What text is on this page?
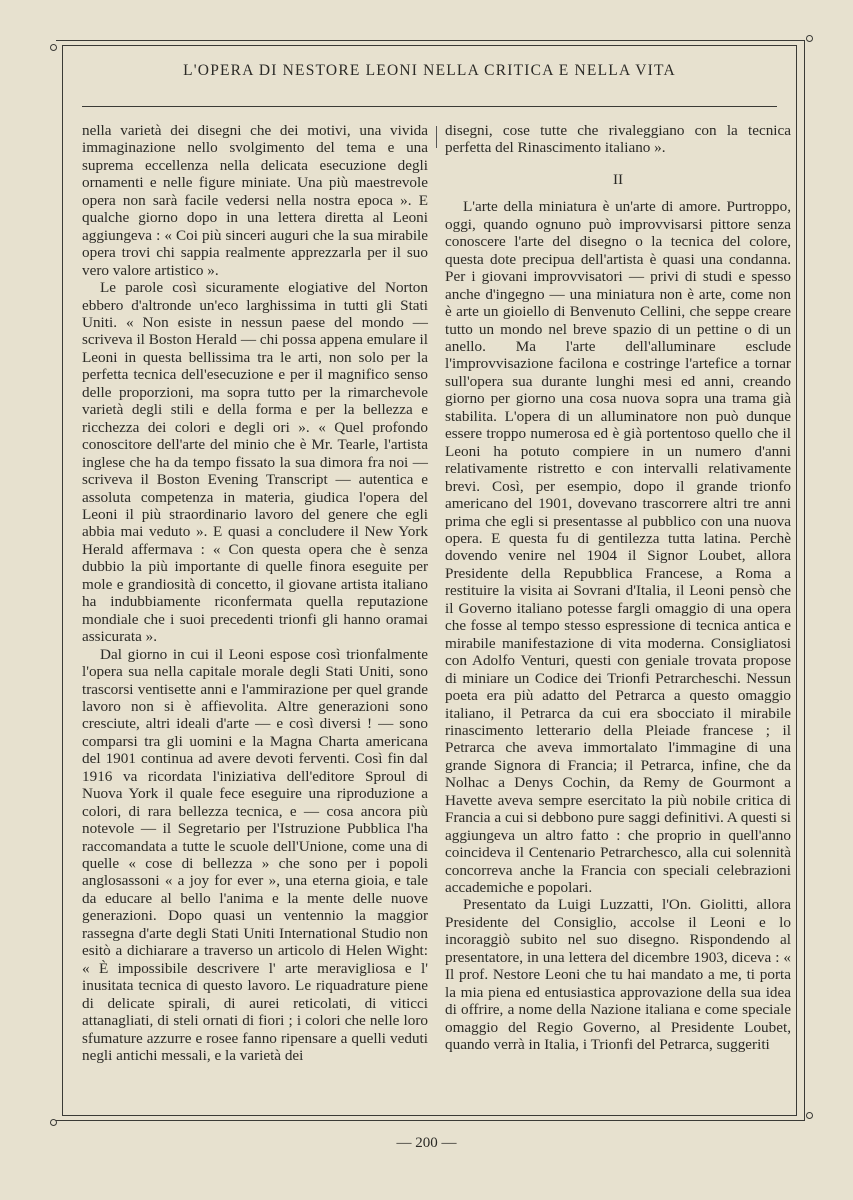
L'OPERA DI NESTORE LEONI NELLA CRITICA E NELLA VITA

nella varietà dei disegni che dei motivi, una vivida immaginazione nello svolgimento del tema e una suprema eccellenza nella delicata esecuzione degli ornamenti e nelle figure miniate. Una più maestrevole opera non sarà facile vedersi nella nostra epoca ». E qualche giorno dopo in una lettera diretta al Leoni aggiungeva : « Coi più sinceri auguri che la sua mirabile opera trovi chi sappia realmente apprezzarla per il suo vero valore artistico ».

Le parole così sicuramente elogiative del Norton ebbero d'altronde un'eco larghissima in tutti gli Stati Uniti. « Non esiste in nessun paese del mondo — scriveva il Boston Herald — chi possa appena emulare il Leoni in questa bellissima tra le arti, non solo per la perfetta tecnica dell'esecuzione e per il magnifico senso delle proporzioni, ma sopra tutto per la rimarchevole varietà degli stili e della forma e per la bellezza e ricchezza dei colori e degli ori ». « Quel profondo conoscitore dell'arte del minio che è Mr. Tearle, l'artista inglese che ha da tempo fissato la sua dimora fra noi — scriveva il Boston Evening Transcript — autentica e assoluta competenza in materia, giudica l'opera del Leoni il più straordinario lavoro del genere che egli abbia mai veduto ». E quasi a concludere il New York Herald affermava : « Con questa opera che è senza dubbio la più importante di quelle finora eseguite per mole e grandiosità di concetto, il giovane artista italiano ha indubbiamente riconfermata quella reputazione mondiale che i suoi precedenti trionfi gli hanno oramai assicurata ».

Dal giorno in cui il Leoni espose così trionfalmente l'opera sua nella capitale morale degli Stati Uniti, sono trascorsi ventisette anni e l'ammirazione per quel grande lavoro non si è affievolita. Altre generazioni sono cresciute, altri ideali d'arte — e così diversi ! — sono comparsi tra gli uomini e la Magna Charta americana del 1901 continua ad avere devoti ferventi. Così fin dal 1916 va ricordata l'iniziativa dell'editore Sproul di Nuova York il quale fece eseguire una riproduzione a colori, di rara bellezza tecnica, e — cosa ancora più notevole — il Segretario per l'Istruzione Pubblica l'ha raccomandata a tutte le scuole dell'Unione, come una di quelle « cose di bellezza » che sono per i popoli anglosassoni « a joy for ever », una eterna gioia, e tale da educare al bello l'anima e la mente delle nuove generazioni. Dopo quasi un ventennio la maggior rassegna d'arte degli Stati Uniti International Studio non esitò a dichiarare a traverso un articolo di Helen Wight: « È impossibile descrivere l' arte meravigliosa e l' inusitata tecnica di questo lavoro. Le riquadrature piene di delicate spirali, di aurei reticolati, di viticci attanagliati, di steli ornati di fiori ; i colori che nelle loro sfumature azzurre e rosee fanno ripensare a quelli veduti negli antichi messali, e la varietà dei

disegni, cose tutte che rivaleggiano con la tecnica perfetta del Rinascimento italiano ».

II

L'arte della miniatura è un'arte di amore. Purtroppo, oggi, quando ognuno può improvvisarsi pittore senza conoscere l'arte del disegno o la tecnica del colore, questa dote precipua dell'artista è quasi una condanna. Per i giovani improvvisatori — privi di studi e spesso anche d'ingegno — una miniatura non è arte, come non è arte un gioiello di Benvenuto Cellini, che seppe creare tutto un mondo nel breve spazio di un pettine o di un anello. Ma l'arte dell'alluminare esclude l'improvvisazione facilona e costringe l'artefice a tornar sull'opera sua durante lunghi mesi ed anni, creando giorno per giorno una cosa nuova sopra una trama già stabilita. L'opera di un alluminatore non può dunque essere troppo numerosa ed è già portentoso quello che il Leoni ha potuto compiere in un numero d'anni relativamente ristretto e con intervalli relativamente brevi. Così, per esempio, dopo il grande trionfo americano del 1901, dovevano trascorrere altri tre anni prima che egli si presentasse al pubblico con una nuova opera. E questa fu di gentilezza tutta latina. Perchè dovendo venire nel 1904 il Signor Loubet, allora Presidente della Repubblica Francese, a Roma a restituire la visita ai Sovrani d'Italia, il Leoni pensò che il Governo italiano potesse fargli omaggio di una opera che fosse al tempo stesso espressione di tecnica antica e mirabile manifestazione di vita moderna. Consigliatosi con Adolfo Venturi, questi con geniale trovata propose di miniare un Codice dei Trionfi Petrarcheschi. Nessun poeta era più adatto del Petrarca a questo omaggio italiano, il Petrarca da cui era sbocciato il mirabile rinascimento letterario della Pleiade francese ; il Petrarca che aveva immortalato l'immagine di una grande Signora di Francia; il Petrarca, infine, che da Nolhac a Denys Cochin, da Remy de Gourmont a Havette aveva sempre esercitato la più nobile critica di Francia a cui si debbono pure saggi definitivi. A questi si aggiungeva un altro fatto : che proprio in quell'anno coincideva il Centenario Petrarchesco, alla cui solennità concorreva anche la Francia con speciali celebrazioni accademiche e popolari.

Presentato da Luigi Luzzatti, l'On. Giolitti, allora Presidente del Consiglio, accolse il Leoni e lo incoraggiò subito nel suo disegno. Rispondendo al presentatore, in una lettera del dicembre 1903, diceva : « Il prof. Nestore Leoni che tu hai mandato a me, ti porta la mia piena ed entusiastica approvazione della sua idea di offrire, a nome della Nazione italiana e come speciale omaggio del Regio Governo, al Presidente Loubet, quando verrà in Italia, i Trionfi del Petrarca, suggeriti

— 200 —
